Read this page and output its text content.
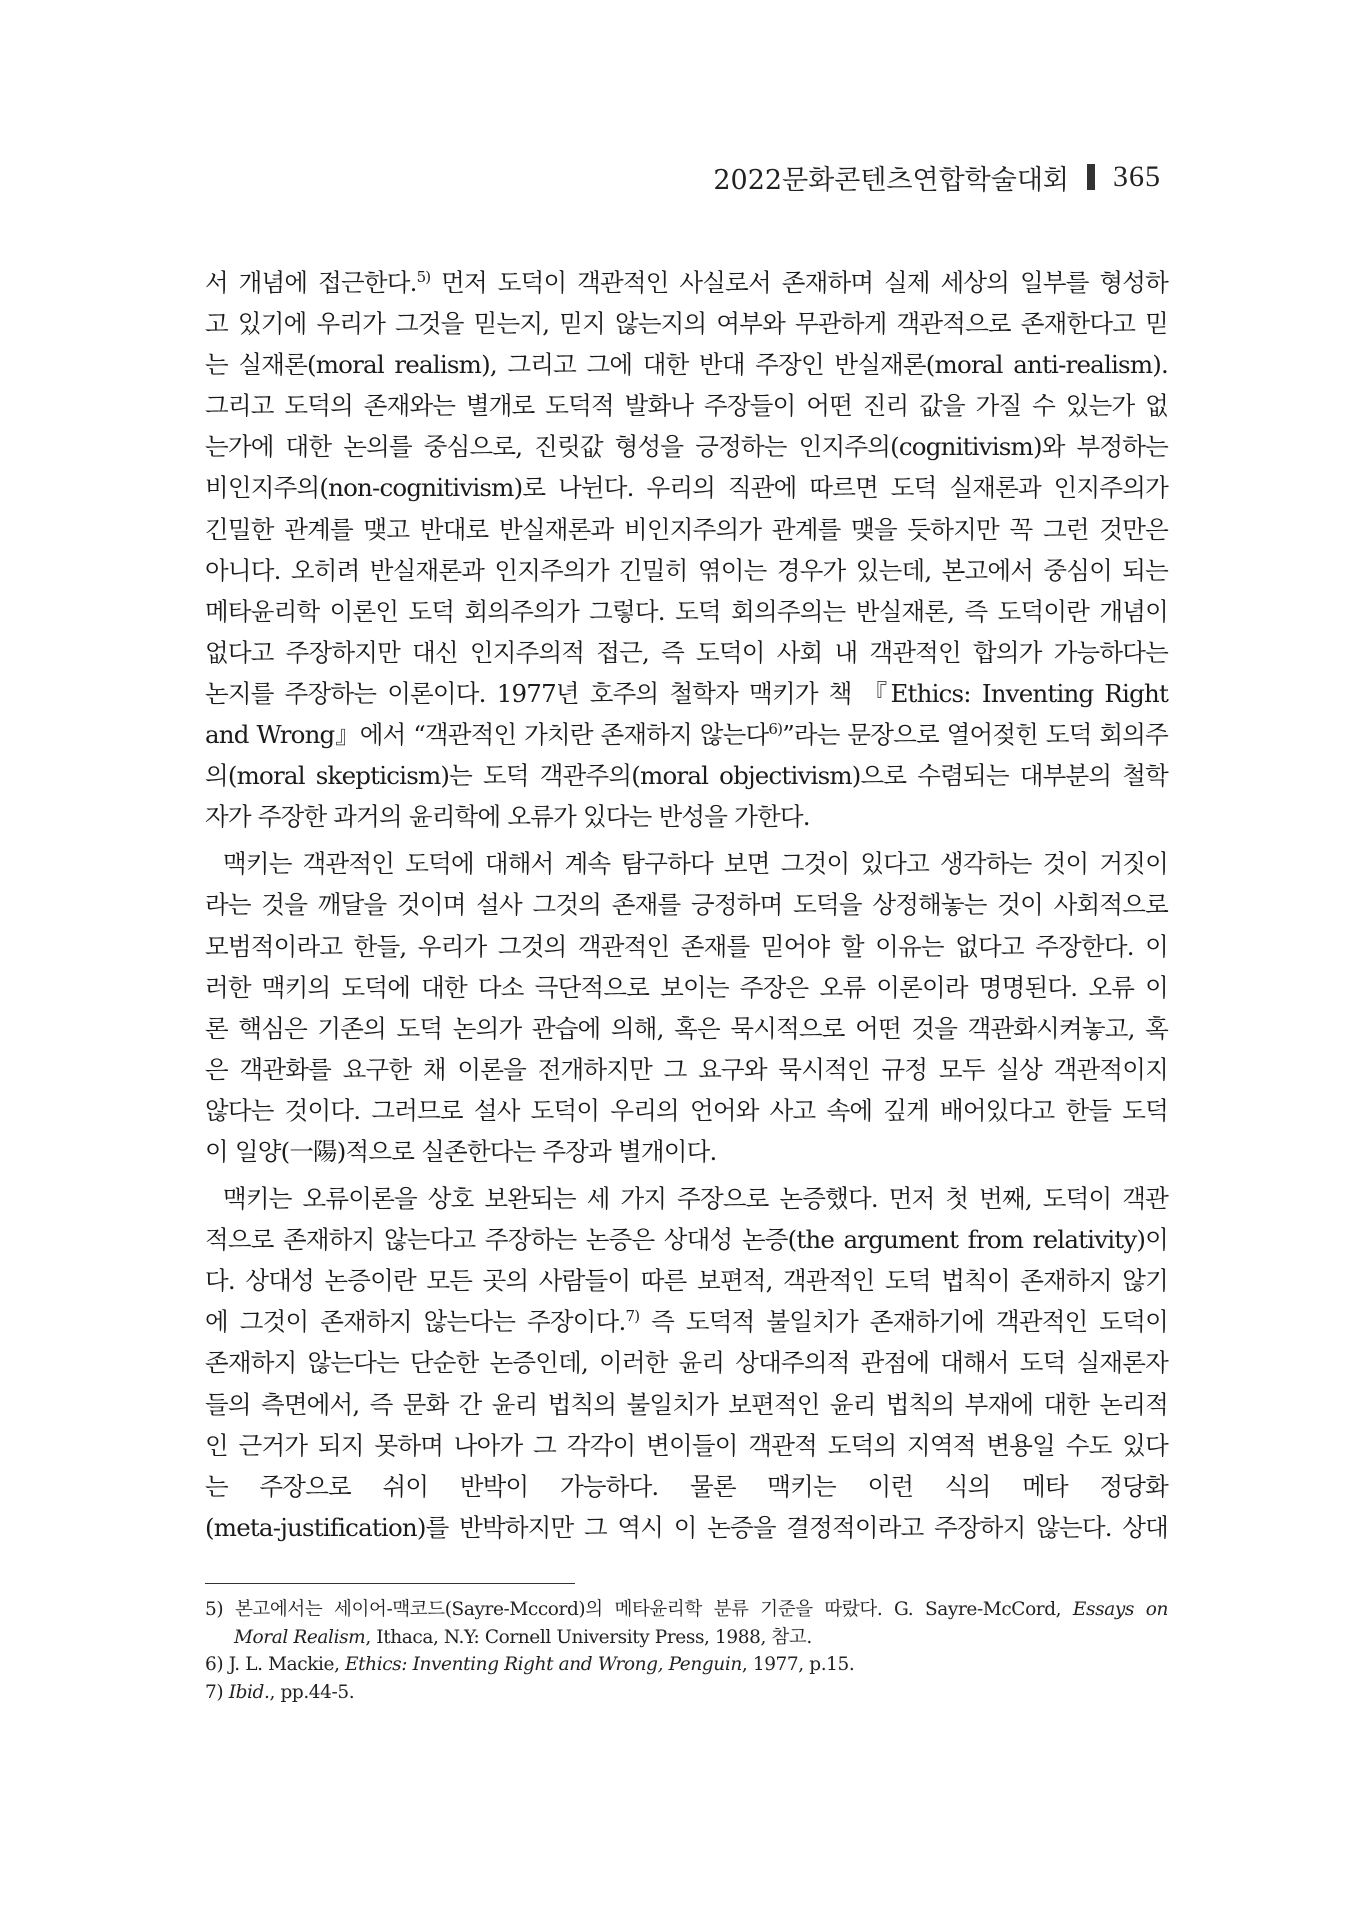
2022문화콘텐츠연합학술대회 365
서 개념에 접근한다.$^{5)}$ 먼저 도덕이 객관적인 사실로서 존재하며 실제 세상의 일부를 형성하
고 있기에 우리가 그것을 믿는지, 믿지 않는지의 여부와 무관하게 객관적으로 존재한다고 믿
는 실재론(moral realism), 그리고 그에 대한 반대 주장인 반실재론(moral anti-realism).
그리고 도덕의 존재와는 별개로 도덕적 발화나 주장들이 어떤 진리 값을 가질 수 있는가 없
는가에 대한 논의를 중심으로, 진릿값 형성을 긍정하는 인지주의(cognitivism)와 부정하는
비인지주의(non-cognitivism)로 나뉜다. 우리의 직관에 따르면 도덕 실재론과 인지주의가
긴밀한 관계를 맺고 반대로 반실재론과 비인지주의가 관계를 맺을 듯하지만 꼭 그런 것만은
아니다. 오히려 반실재론과 인지주의가 긴밀히 엮이는 경우가 있는데, 본고에서 중심이 되는
메타윤리학 이론인 도덕 회의주의가 그렇다. 도덕 회의주의는 반실재론, 즉 도덕이란 개념이
없다고 주장하지만 대신 인지주의적 접근, 즉 도덕이 사회 내 객관적인 합의가 가능하다는
논지를 주장하는 이론이다. 1977년 호주의 철학자 맥키가 책 『Ethics: Inventing Right
and Wrong』에서 “객관적인 가치란 존재하지 않는다$^{6)}$”라는 문장으로 열어젖힌 도덕 회의주
의(moral skepticism)는 도덕 객관주의(moral objectivism)으로 수렴되는 대부분의 철학
자가 주장한 과거의 윤리학에 오류가 있다는 반성을 가한다.
맥키는 객관적인 도덕에 대해서 계속 탐구하다 보면 그것이 있다고 생각하는 것이 거짓이
라는 것을 깨달을 것이며 설사 그것의 존재를 긍정하며 도덕을 상정해놓는 것이 사회적으로
모범적이라고 한들, 우리가 그것의 객관적인 존재를 믿어야 할 이유는 없다고 주장한다. 이
러한 맥키의 도덕에 대한 다소 극단적으로 보이는 주장은 오류 이론이라 명명된다. 오류 이
론 핵심은 기존의 도덕 논의가 관습에 의해, 혹은 묵시적으로 어떤 것을 객관화시켜놓고, 혹
은 객관화를 요구한 채 이론을 전개하지만 그 요구와 묵시적인 규정 모두 실상 객관적이지
않다는 것이다. 그러므로 설사 도덕이 우리의 언어와 사고 속에 깊게 배어있다고 한들 도덕
이 일양(一陽)적으로 실존한다는 주장과 별개이다.
맥키는 오류이론을 상호 보완되는 세 가지 주장으로 논증했다. 먼저 첫 번째, 도덕이 객관
적으로 존재하지 않는다고 주장하는 논증은 상대성 논증(the argument from relativity)이
다. 상대성 논증이란 모든 곳의 사람들이 따른 보편적, 객관적인 도덕 법칙이 존재하지 않기
에 그것이 존재하지 않는다는 주장이다.$^{7)}$ 즉 도덕적 불일치가 존재하기에 객관적인 도덕이
존재하지 않는다는 단순한 논증인데, 이러한 윤리 상대주의적 관점에 대해서 도덕 실재론자
들의 측면에서, 즉 문화 간 윤리 법칙의 불일치가 보편적인 윤리 법칙의 부재에 대한 논리적
인 근거가 되지 못하며 나아가 그 각각이 변이들이 객관적 도덕의 지역적 변용일 수도 있다
는 주장으로 쉬이 반박이 가능하다. 물론 맥키는 이런 식의 메타 정당화
(meta-justification)를 반박하지만 그 역시 이 논증을 결정적이라고 주장하지 않는다. 상대
5) 본고에서는 세이어-맥코드(Sayre-Mccord)의 메타윤리학 분류 기준을 따랐다. G. Sayre-McCord, Essays on
Moral Realism, Ithaca, N.Y: Cornell University Press, 1988, 참고.
6) J. L. Mackie, Ethics: Inventing Right and Wrong, Penguin, 1977, p.15.
7) Ibid., pp.44-5.
